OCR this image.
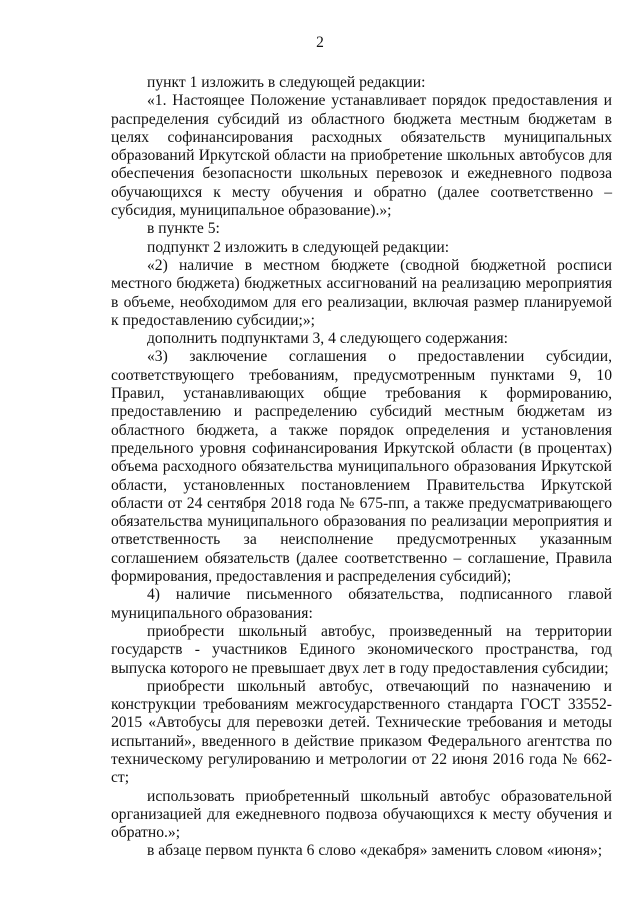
2

пункт 1 изложить в следующей редакции:

«1. Настоящее Положение устанавливает порядок предоставления и распределения субсидий из областного бюджета местным бюджетам в целях софинансирования расходных обязательств муниципальных образований Иркутской области на приобретение школьных автобусов для обеспечения безопасности школьных перевозок и ежедневного подвоза обучающихся к месту обучения и обратно (далее соответственно – субсидия, муниципальное образование).»;

в пункте 5:

подпункт 2 изложить в следующей редакции:

«2) наличие в местном бюджете (сводной бюджетной росписи местного бюджета) бюджетных ассигнований на реализацию мероприятия в объеме, необходимом для его реализации, включая размер планируемой к предоставлению субсидии;»;

дополнить подпунктами 3, 4 следующего содержания:

«3) заключение соглашения о предоставлении субсидии, соответствующего требованиям, предусмотренным пунктами 9, 10 Правил, устанавливающих общие требования к формированию, предоставлению и распределению субсидий местным бюджетам из областного бюджета, а также порядок определения и установления предельного уровня софинансирования Иркутской области (в процентах) объема расходного обязательства муниципального образования Иркутской области, установленных постановлением Правительства Иркутской области от 24 сентября 2018 года № 675-пп, а также предусматривающего обязательства муниципального образования по реализации мероприятия и ответственность за неисполнение предусмотренных указанным соглашением обязательств (далее соответственно – соглашение, Правила формирования, предоставления и распределения субсидий);

4) наличие письменного обязательства, подписанного главой муниципального образования:

приобрести школьный автобус, произведенный на территории государств - участников Единого экономического пространства, год выпуска которого не превышает двух лет в году предоставления субсидии;

приобрести школьный автобус, отвечающий по назначению и конструкции требованиям межгосударственного стандарта ГОСТ 33552-2015 «Автобусы для перевозки детей. Технические требования и методы испытаний», введенного в действие приказом Федерального агентства по техническому регулированию и метрологии от 22 июня 2016 года № 662-ст;

использовать приобретенный школьный автобус образовательной организацией для ежедневного подвоза обучающихся к месту обучения и обратно.»;

в абзаце первом пункта 6 слово «декабря» заменить словом «июня»;
